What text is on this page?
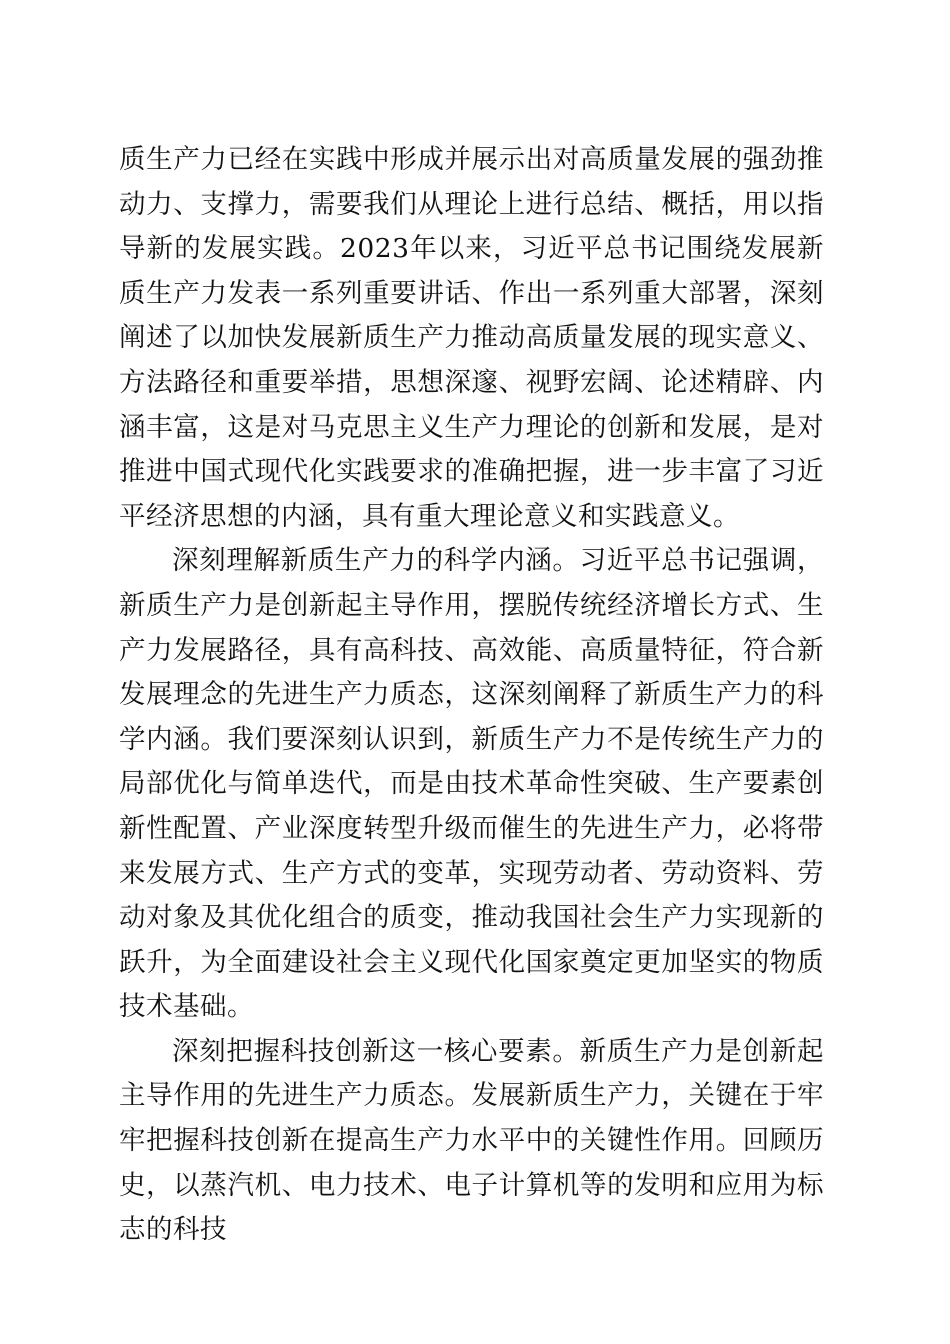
质生产力已经在实践中形成并展示出对高质量发展的强劲推动力、支撑力，需要我们从理论上进行总结、概括，用以指导新的发展实践。2023年以来，习近平总书记围绕发展新质生产力发表一系列重要讲话、作出一系列重大部署，深刻阐述了以加快发展新质生产力推动高质量发展的现实意义、方法路径和重要举措，思想深邃、视野宏阔、论述精辟、内涵丰富，这是对马克思主义生产力理论的创新和发展，是对推进中国式现代化实践要求的准确把握，进一步丰富了习近平经济思想的内涵，具有重大理论意义和实践意义。

深刻理解新质生产力的科学内涵。习近平总书记强调，新质生产力是创新起主导作用，摆脱传统经济增长方式、生产力发展路径，具有高科技、高效能、高质量特征，符合新发展理念的先进生产力质态，这深刻阐释了新质生产力的科学内涵。我们要深刻认识到，新质生产力不是传统生产力的局部优化与简单迭代，而是由技术革命性突破、生产要素创新性配置、产业深度转型升级而催生的先进生产力，必将带来发展方式、生产方式的变革，实现劳动者、劳动资料、劳动对象及其优化组合的质变，推动我国社会生产力实现新的跃升，为全面建设社会主义现代化国家奠定更加坚实的物质技术基础。

深刻把握科技创新这一核心要素。新质生产力是创新起主导作用的先进生产力质态。发展新质生产力，关键在于牢牢把握科技创新在提高生产力水平中的关键性作用。回顾历史，以蒸汽机、电力技术、电子计算机等的发明和应用为标志的科技
